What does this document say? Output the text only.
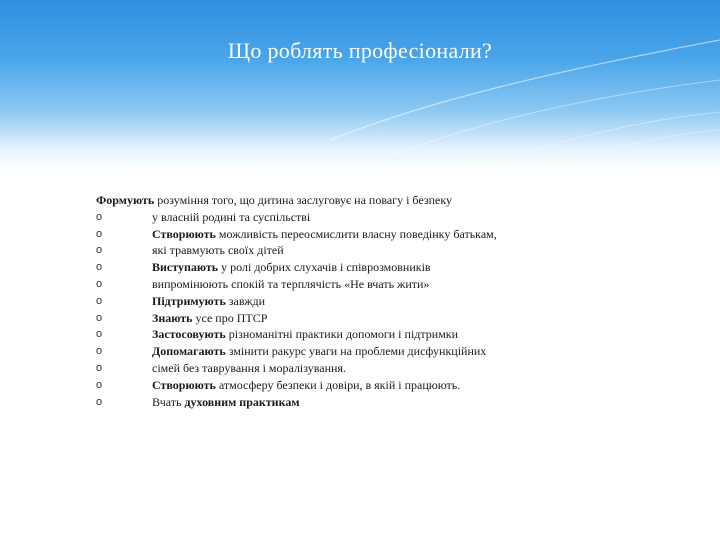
Що роблять професіонали?
Формують розуміння того, що дитина заслуговує на повагу і безпеку
o	у власній родині та суспільстві
o	Створюють можливість переосмислити власну поведінку батькам,
o	які травмують своїх дітей
o	Виступають у ролі добрих слухачів і співрозмовників
o	випромінюють спокій та терплячість «Не вчать жити»
o	Підтримують завжди
o	Знають усе про ПТСР
o	Застосовують різноманітні практики допомоги і підтримки
o	Допомагають змінити ракурс уваги на проблеми дисфункційних
o	сімей без таврування і моралізування.
o	Створюють атмосферу безпеки і довіри, в якій і працюють.
o	Вчать духовним практикам
